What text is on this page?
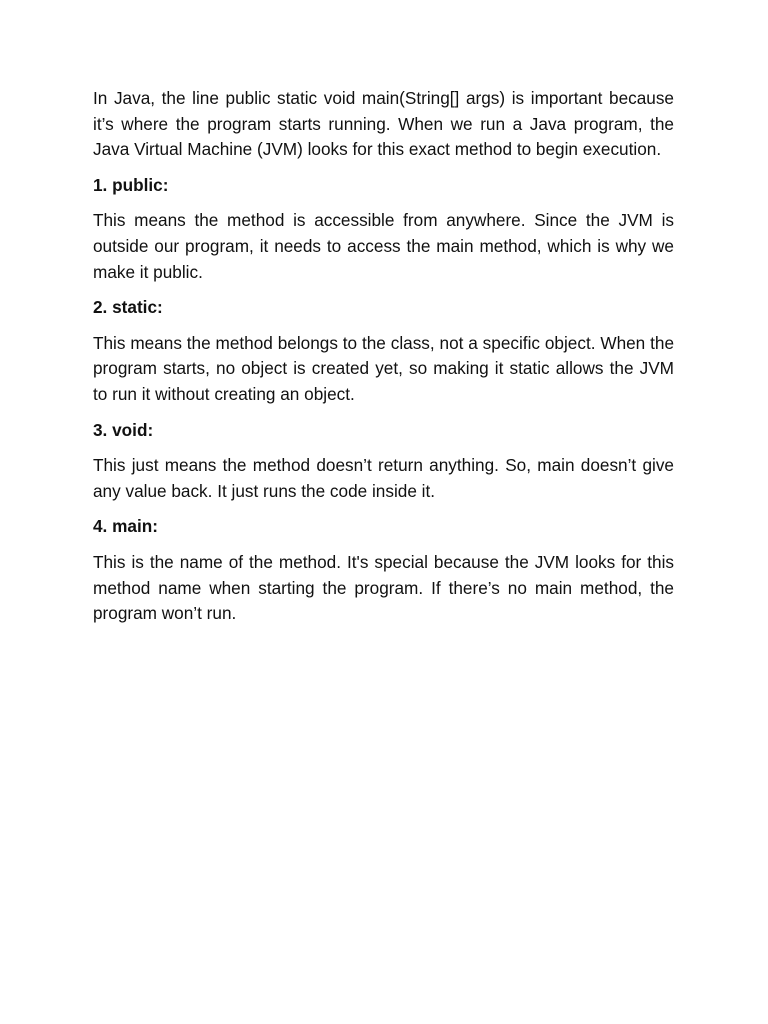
In Java, the line public static void main(String[] args) is important because it’s where the program starts running. When we run a Java program, the Java Virtual Machine (JVM) looks for this exact method to begin execution.

1. public:

This means the method is accessible from anywhere. Since the JVM is outside our program, it needs to access the main method, which is why we make it public.

2. static:

This means the method belongs to the class, not a specific object. When the program starts, no object is created yet, so making it static allows the JVM to run it without creating an object.

3. void:

This just means the method doesn’t return anything. So, main doesn’t give any value back. It just runs the code inside it.

4. main:

This is the name of the method. It's special because the JVM looks for this method name when starting the program. If there’s no main method, the program won’t run.
